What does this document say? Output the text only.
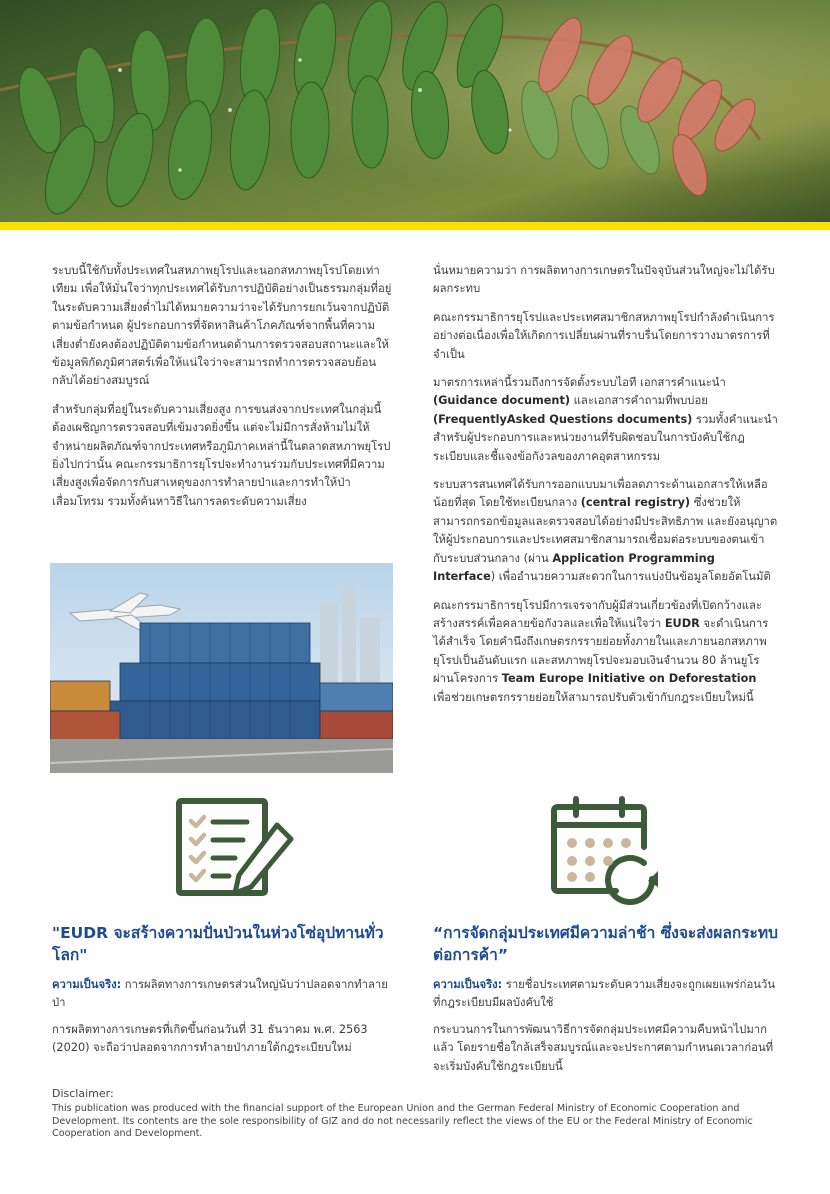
ระบบนี้ใช้กับทั้งประเทศในสหภาพยุโรปและนอกสหภาพยุโรปโดยเท่าเทียม เพื่อให้มั่นใจว่าทุกประเทศได้รับการปฏิบัติอย่างเป็นธรรมกลุ่มที่อยู่ในระดับความเสี่ยงต่ำไม่ได้หมายความว่าจะได้รับการยกเว้นจากปฏิบัติตามข้อกำหนด ผู้ประกอบการที่จัดหาสินค้าโภคภัณฑ์จากพื้นที่ความเสี่ยงต่ำยังคงต้องปฏิบัติตามข้อกำหนดด้านการตรวจสอบสถานะและให้ข้อมูลพิกัดภูมิศาสตร์เพื่อให้แน่ใจว่าจะสามารถทำการตรวจสอบย้อนกลับได้อย่างสมบูรณ์

สำหรับกลุ่มที่อยู่ในระดับความเสี่ยงสูง การขนส่งจากประเทศในกลุ่มนี้ต้องเผชิญการตรวจสอบที่เข้มงวดยิ่งขึ้น แต่จะไม่มีการสั่งห้ามไม่ให้จำหน่ายผลิตภัณฑ์จากประเทศหรือภูมิภาคเหล่านี้ในตลาดสหภาพยุโรป ยิ่งไปกว่านั้น คณะกรรมาธิการยุโรปจะทำงานร่วมกับประเทศที่มีความเสี่ยงสูงเพื่อจัดการกับสาเหตุของการทำลายป่าและการทำให้ป่าเสื่อมโทรม รวมทั้งค้นหาวิธีในการลดระดับความเสี่ยง

นั่นหมายความว่า การผลิตทางการเกษตรในปัจจุบันส่วนใหญ่จะไม่ได้รับผลกระทบ

คณะกรรมาธิการยุโรปและประเทศสมาชิกสหภาพยุโรปกำลังดำเนินการอย่างต่อเนื่องเพื่อให้เกิดการเปลี่ยนผ่านที่ราบรื่นโดยการวางมาตรการที่จำเป็น

มาตรการเหล่านี้รวมถึงการจัดตั้งระบบไอที เอกสารคำแนะนำ (Guidance document) และเอกสารคำถามที่พบบ่อย (FrequentlyAsked Questions documents) รวมทั้งคำแนะนำสำหรับผู้ประกอบการและหน่วยงานที่รับผิดชอบในการบังคับใช้กฎระเบียบและชี้แจงข้อกังวลของภาคอุตสาหกรรม

ระบบสารสนเทศได้รับการออกแบบมาเพื่อลดภาระด้านเอกสารให้เหลือน้อยที่สุด โดยใช้ทะเบียนกลาง (central registry) ซึ่งช่วยให้สามารถกรอกข้อมูลและตรวจสอบได้อย่างมีประสิทธิภาพ และยังอนุญาตให้ผู้ประกอบการและประเทศสมาชิกสามารถเชื่อมต่อระบบของตนเข้ากับระบบส่วนกลาง (ผ่าน Application Programming Interface) เพื่ออำนวยความสะดวกในการแบ่งปันข้อมูลโดยอัตโนมัติ

คณะกรรมาธิการยุโรปมีการเจรจากับผู้มีส่วนเกี่ยวข้องที่เปิดกว้างและสร้างสรรค์เพื่อคลายข้อกังวลและเพื่อให้แน่ใจว่า EUDR จะดำเนินการได้สำเร็จ โดยคำนึงถึงเกษตรกรรายย่อยทั้งภายในและภายนอกสหภาพยุโรปเป็นอันดับแรก และสหภาพยุโรปจะมอบเงินจำนวน 80 ล้านยูโรผ่านโครงการ Team Europe Initiative on Deforestation เพื่อช่วยเกษตรกรรายย่อยให้สามารถปรับตัวเข้ากับกฎระเบียบใหม่นี้

"EUDR จะสร้างความปั่นป่วนในห่วงโซ่อุปทานทั่วโลก"
“การจัดกลุ่มประเทศมีความล่าช้า ซึ่งจะส่งผลกระทบต่อการค้า”

ความเป็นจริง: การผลิตทางการเกษตรส่วนใหญ่นับว่าปลอดจากทำลายป่า

การผลิตทางการเกษตรที่เกิดขึ้นก่อนวันที่ 31 ธันวาคม พ.ศ. 2563 (2020) จะถือว่าปลอดจากการทำลายป่าภายใต้กฎระเบียบใหม่

ความเป็นจริง: รายชื่อประเทศตามระดับความเสี่ยงจะถูกเผยแพร่ก่อนวันที่กฎระเบียบมีผลบังคับใช้

กระบวนการในการพัฒนาวิธีการจัดกลุ่มประเทศมีความคืบหน้าไปมากแล้ว โดยรายชื่อใกล้เสร็จสมบูรณ์และจะประกาศตามกำหนดเวลาก่อนที่จะเริ่มบังคับใช้กฎระเบียบนี้

Disclaimer:
This publication was produced with the financial support of the European Union and the German Federal Ministry of Economic Cooperation and Development. Its contents are the sole responsibility of GIZ and do not necessarily reflect the views of the EU or the Federal Ministry of Economic Cooperation and Development.
